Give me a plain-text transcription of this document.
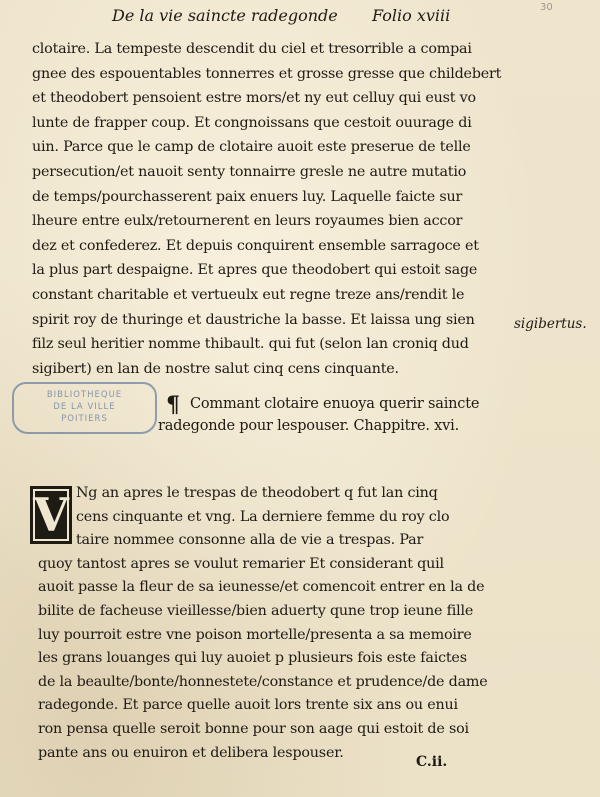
De la vie saincte radegonde Folio xviii	30
clotaire. La tempeste descendit du ciel et tresorrible a compai
gnee des espouentables tonnerres et grosse gresse que childebert
et theodobert pensoient estre mors/et ny eut celluy qui eust vo
lunte de frapper coup. Et congnoissans que cestoit ouurage di
uin. Parce que le camp de clotaire auoit este preserue de telle
persecution/et nauoit senty tonnairre gresle ne autre mutatio
de temps/pourchasserent paix enuers luy. Laquelle faicte sur
lheure entre eulx/retournerent en leurs royaumes bien accor
dez et confederez. Et depuis conquirent ensemble sarragoce et
la plus part despaigne. Et apres que theodobert qui estoit sage
constant charitable et vertueulx eut regne treze ans/rendit le
spirit roy de thuringe et daustriche la basse. Et laissa ung sien
filz seul heritier nomme thibault. qui fut (selon lan croniq dud
sigibert) en lan de nostre salut cinq cens cinquante.
sigibertus.
BIBLIOTHEQUE
DE LA VILLE
POITIERS
¶ Commant clotaire enuoya querir saincte
radegonde pour lespouser. Chappitre. xvi.
V Ng an apres le trespas de theodobert q fut lan cinq
cens cinquante et vng. La derniere femme du roy clo
taire nommee consonne alla de vie a trespas. Par
quoy tantost apres se voulut remarier Et considerant quil
auoit passe la fleur de sa ieunesse/et comencoit entrer en la de
bilite de facheuse vieillesse/bien aduerty qune trop ieune fille
luy pourroit estre vne poison mortelle/presenta a sa memoire
les grans louanges qui luy auoiet p plusieurs fois este faictes
de la beaulte/bonte/honnestete/constance et prudence/de dame
radegonde. Et parce quelle auoit lors trente six ans ou enui
ron pensa quelle seroit bonne pour son aage qui estoit de soi
pante ans ou enuiron et delibera lespouser.
C.ii.
